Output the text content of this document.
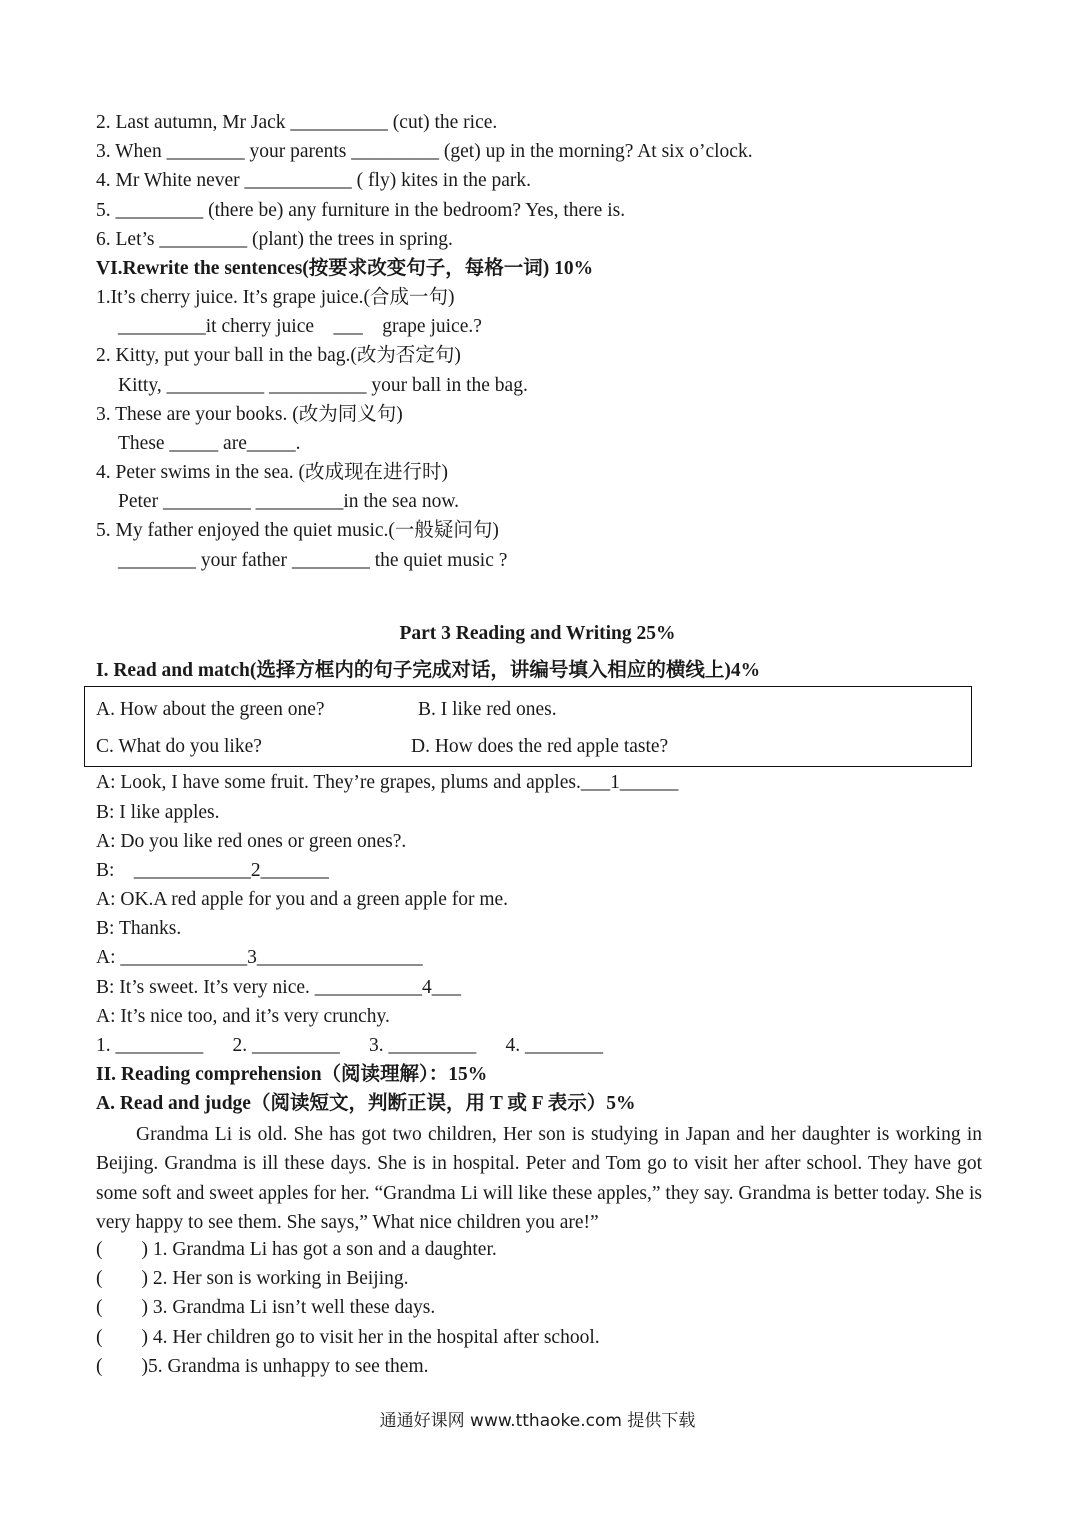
2. Last autumn, Mr Jack __________ (cut) the rice.
3. When ________ your parents _________ (get) up in the morning? At six o’clock.
4. Mr White never ___________ ( fly) kites in the park.
5. _________ (there be) any furniture in the bedroom? Yes, there is.
6. Let’s _________ (plant) the trees in spring.
VI.Rewrite the sentences(按要求改变句子，每格一词) 10%
1.It’s cherry juice. It’s grape juice.(合成一句)
_________it cherry juice    ___    grape juice.?
2. Kitty, put your ball in the bag.(改为否定句)
Kitty, __________ __________ your ball in the bag.
3. These are your books. (改为同义句)
These _____ are_____.
4. Peter swims in the sea. (改成现在进行时)
Peter _________ _________in the sea now.
5. My father enjoyed the quiet music.(一般疑问句)
________ your father ________ the quiet music ?
Part 3 Reading and Writing 25%
I. Read and match(选择方框内的句子完成对话，讲编号填入相应的横线上)4%
A. How about the green one?	B. I like red ones.
C. What do you like?	D. How does the red apple taste?
A: Look, I have some fruit. They’re grapes, plums and apples.___1______
B: I like apples.
A: Do you like red ones or green ones?.
B:    ____________2_______
A: OK.A red apple for you and a green apple for me.
B: Thanks.
A: _____________3_________________
B: It’s sweet. It’s very nice. ___________4___
A: It’s nice too, and it’s very crunchy.
1. _________      2. _________      3. _________      4. ________
II. Reading comprehension（阅读理解）：15%
A. Read and judge（阅读短文，判断正误，用 T 或 F 表示）5%
Grandma Li is old. She has got two children, Her son is studying in Japan and her daughter is working in Beijing. Grandma is ill these days. She is in hospital. Peter and Tom go to visit her after school. They have got some soft and sweet apples for her. “Grandma Li will like these apples,” they say. Grandma is better today. She is very happy to see them. She says,” What nice children you are!”
(        ) 1. Grandma Li has got a son and a daughter.
(        ) 2. Her son is working in Beijing.
(        ) 3. Grandma Li isn’t well these days.
(        ) 4. Her children go to visit her in the hospital after school.
(        )5. Grandma is unhappy to see them.
通通好课网 www.tthaoke.com 提供下载
